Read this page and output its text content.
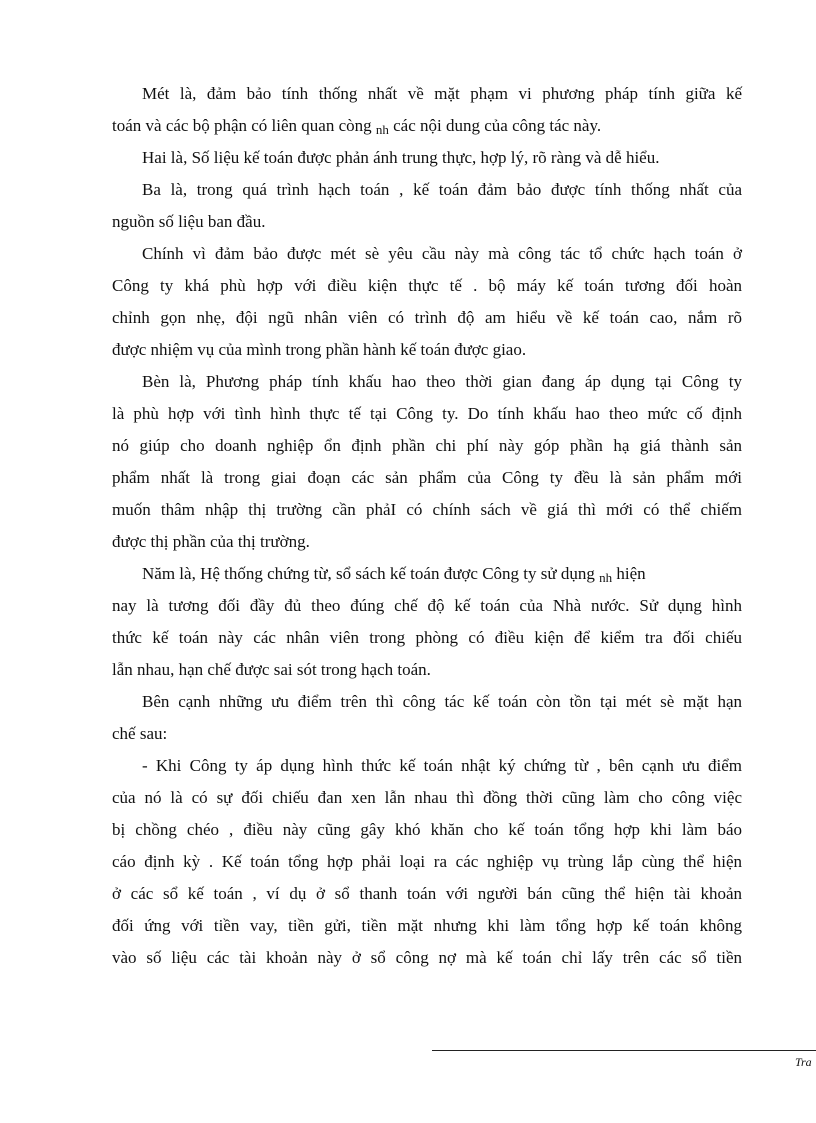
Mét là, đảm bảo tính thống nhất về mặt phạm vi phương pháp tính giữa kế
toán và các bộ phận có liên quan còng nh các nội dung của công tác này.
Hai là, Số liệu kế toán được phản ánh trung thực, hợp lý, rõ ràng và dễ hiểu.
Ba là, trong quá trình hạch toán , kế toán đảm bảo được tính thống nhất của
nguồn số liệu ban đầu.
Chính vì đảm bảo được mét sè yêu cầu này mà công tác tổ chức hạch toán ở
Công ty khá phù hợp với điều kiện thực tế . bộ máy kế toán tương đối hoàn
chỉnh gọn nhẹ, đội ngũ nhân viên có trình độ am hiểu về kế toán cao, nắm rõ
được nhiệm vụ của mình trong phần hành kế toán được giao.
Bèn là, Phương pháp tính khấu hao theo thời gian đang áp dụng tại Công ty
là phù hợp với tình hình thực tế tại Công ty. Do tính khấu hao theo mức cố định
nó giúp cho doanh nghiệp ổn định phần chi phí này góp phần hạ giá thành sản
phẩm nhất là trong giai đoạn các sản phẩm của Công ty đều là sản phẩm mới
muốn thâm nhập thị trường cần phảI có chính sách về giá thì mới có thể chiếm
được thị phần của thị trường.
Năm là, Hệ thống chứng từ, sổ sách kế toán được Công ty sử dụng nh hiện
nay là tương đối đầy đủ theo đúng chế độ kế toán của Nhà nước. Sử dụng hình
thức kế toán này các nhân viên trong phòng có điều kiện để kiểm tra đối chiếu
lẫn nhau, hạn chế được sai sót trong hạch toán.
Bên cạnh những ưu điểm trên thì công tác kế toán còn tồn tại mét sè mặt hạn
chế sau:
- Khi Công ty áp dụng hình thức kế toán nhật ký chứng từ , bên cạnh ưu điểm
của nó là có sự đối chiếu đan xen lẫn nhau thì đồng thời cũng làm cho công việc
bị chồng chéo , điều này cũng gây khó khăn cho kế toán tổng hợp khi làm báo
cáo định kỳ . Kế toán tổng hợp phải loại ra các nghiệp vụ trùng lắp cùng thể hiện
ở các sổ kế toán , ví dụ ở sổ thanh toán với người bán cũng thể hiện tài khoản
đối ứng với tiền vay, tiền gửi, tiền mặt nhưng khi làm tổng hợp kế toán không
vào số liệu các tài khoản này ở sổ công nợ mà kế toán chỉ lấy trên các sổ tiền
Tra
